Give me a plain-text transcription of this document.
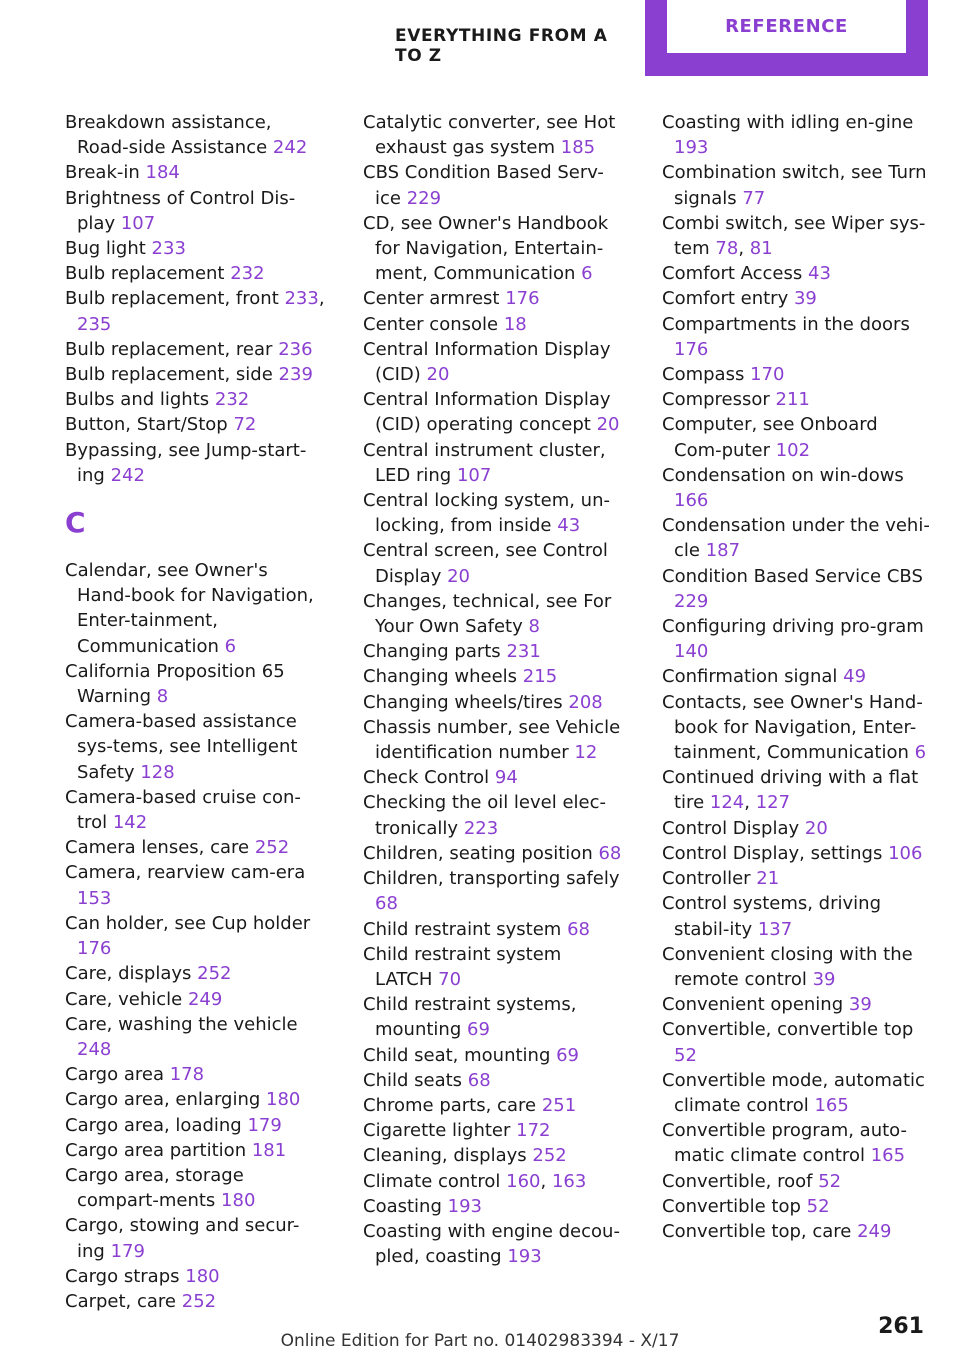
EVERYTHING FROM A TO Z
REFERENCE
Breakdown assistance, Road-side Assistance 242
Break-in 184
Brightness of Control Dis-play 107
Bug light 233
Bulb replacement 232
Bulb replacement, front 233, 235
Bulb replacement, rear 236
Bulb replacement, side 239
Bulbs and lights 232
Button, Start/Stop 72
Bypassing, see Jump-start-ing 242
C
Calendar, see Owner's Hand-book for Navigation, Enter-tainment, Communication 6
California Proposition 65 Warning 8
Camera-based assistance sys-tems, see Intelligent Safety 128
Camera-based cruise con-trol 142
Camera lenses, care 252
Camera, rearview cam-era 153
Can holder, see Cup holder 176
Care, displays 252
Care, vehicle 249
Care, washing the vehicle 248
Cargo area 178
Cargo area, enlarging 180
Cargo area, loading 179
Cargo area partition 181
Cargo area, storage compart-ments 180
Cargo, stowing and secur-ing 179
Cargo straps 180
Carpet, care 252
Catalytic converter, see Hot exhaust gas system 185
CBS Condition Based Serv-ice 229
CD, see Owner's Handbook for Navigation, Entertain-ment, Communication 6
Center armrest 176
Center console 18
Central Information Display (CID) 20
Central Information Display (CID) operating concept 20
Central instrument cluster, LED ring 107
Central locking system, un-locking, from inside 43
Central screen, see Control Display 20
Changes, technical, see For Your Own Safety 8
Changing parts 231
Changing wheels 215
Changing wheels/tires 208
Chassis number, see Vehicle identification number 12
Check Control 94
Checking the oil level elec-tronically 223
Children, seating position 68
Children, transporting safely 68
Child restraint system 68
Child restraint system LATCH 70
Child restraint systems, mounting 69
Child seat, mounting 69
Child seats 68
Chrome parts, care 251
Cigarette lighter 172
Cleaning, displays 252
Climate control 160, 163
Coasting 193
Coasting with engine decou-pled, coasting 193
Coasting with idling en-gine 193
Combination switch, see Turn signals 77
Combi switch, see Wiper sys-tem 78, 81
Comfort Access 43
Comfort entry 39
Compartments in the doors 176
Compass 170
Compressor 211
Computer, see Onboard Com-puter 102
Condensation on win-dows 166
Condensation under the vehi-cle 187
Condition Based Service CBS 229
Configuring driving pro-gram 140
Confirmation signal 49
Contacts, see Owner's Hand-book for Navigation, Enter-tainment, Communication 6
Continued driving with a flat tire 124, 127
Control Display 20
Control Display, settings 106
Controller 21
Control systems, driving stabil-ity 137
Convenient closing with the remote control 39
Convenient opening 39
Convertible, convertible top 52
Convertible mode, automatic climate control 165
Convertible program, auto-matic climate control 165
Convertible, roof 52
Convertible top 52
Convertible top, care 249
261
Online Edition for Part no. 01402983394 - X/17
